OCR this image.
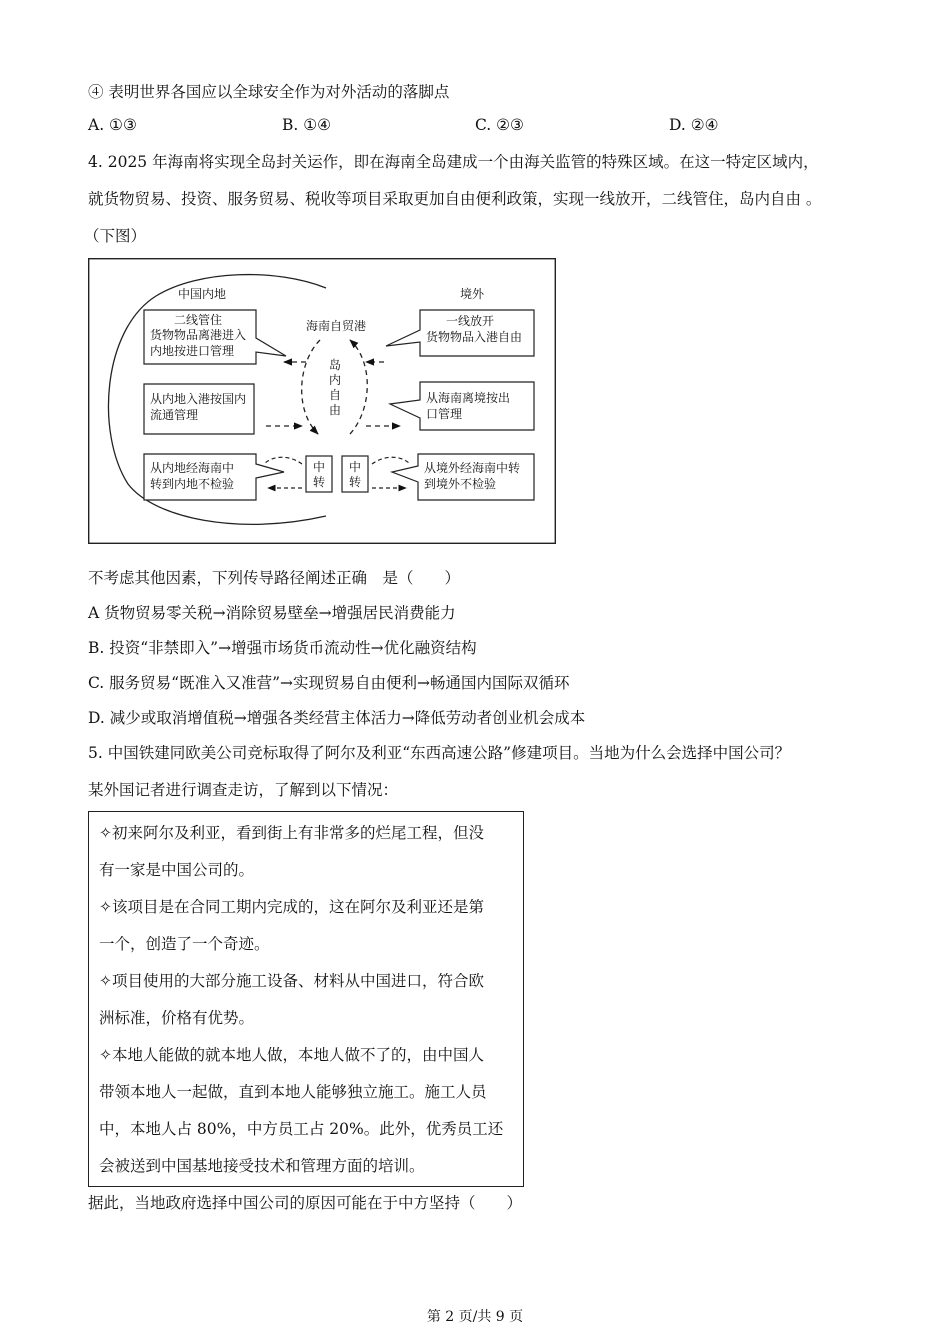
④ 表明世界各国应以全球安全作为对外活动的落脚点
A. ①③	B. ①④	C. ②③	D. ②④
4. 2025 年海南将实现全岛封关运作，即在海南全岛建成一个由海关监管的特殊区域。在这一特定区域内，
就货物贸易、投资、服务贸易、税收等项目采取更加自由便利政策，实现一线放开，二线管住，岛内自由 。
（下图）
中国内地	境外
海南自贸港
岛
内
自
由
二线管住
货物物品离港进入
内地按进口管理
一线放开
货物物品入港自由
从内地入港按国内
流通管理
从海南离境按出
口管理
从内地经海南中
转到内地不检验
中
转
中
转
从境外经海南中转
到境外不检验
不考虑其他因素，下列传导路径阐述正确　是（　　）
A 货物贸易零关税→消除贸易壁垒→增强居民消费能力
B. 投资“非禁即入”→增强市场货币流动性→优化融资结构
C. 服务贸易“既准入又准营”→实现贸易自由便利→畅通国内国际双循环
D. 减少或取消增值税→增强各类经营主体活力→降低劳动者创业机会成本
5. 中国铁建同欧美公司竞标取得了阿尔及利亚“东西高速公路”修建项目。当地为什么会选择中国公司？
某外国记者进行调查走访，了解到以下情况：
✧初来阿尔及利亚，看到街上有非常多的烂尾工程，但没
有一家是中国公司的。
✧该项目是在合同工期内完成的，这在阿尔及利亚还是第
一个，创造了一个奇迹。
✧项目使用的大部分施工设备、材料从中国进口，符合欧
洲标准，价格有优势。
✧本地人能做的就本地人做，本地人做不了的，由中国人
带领本地人一起做，直到本地人能够独立施工。施工人员
中，本地人占 80%，中方员工占 20%。此外，优秀员工还
会被送到中国基地接受技术和管理方面的培训。
据此，当地政府选择中国公司的原因可能在于中方坚持（　　）
第 2 页/共 9 页
